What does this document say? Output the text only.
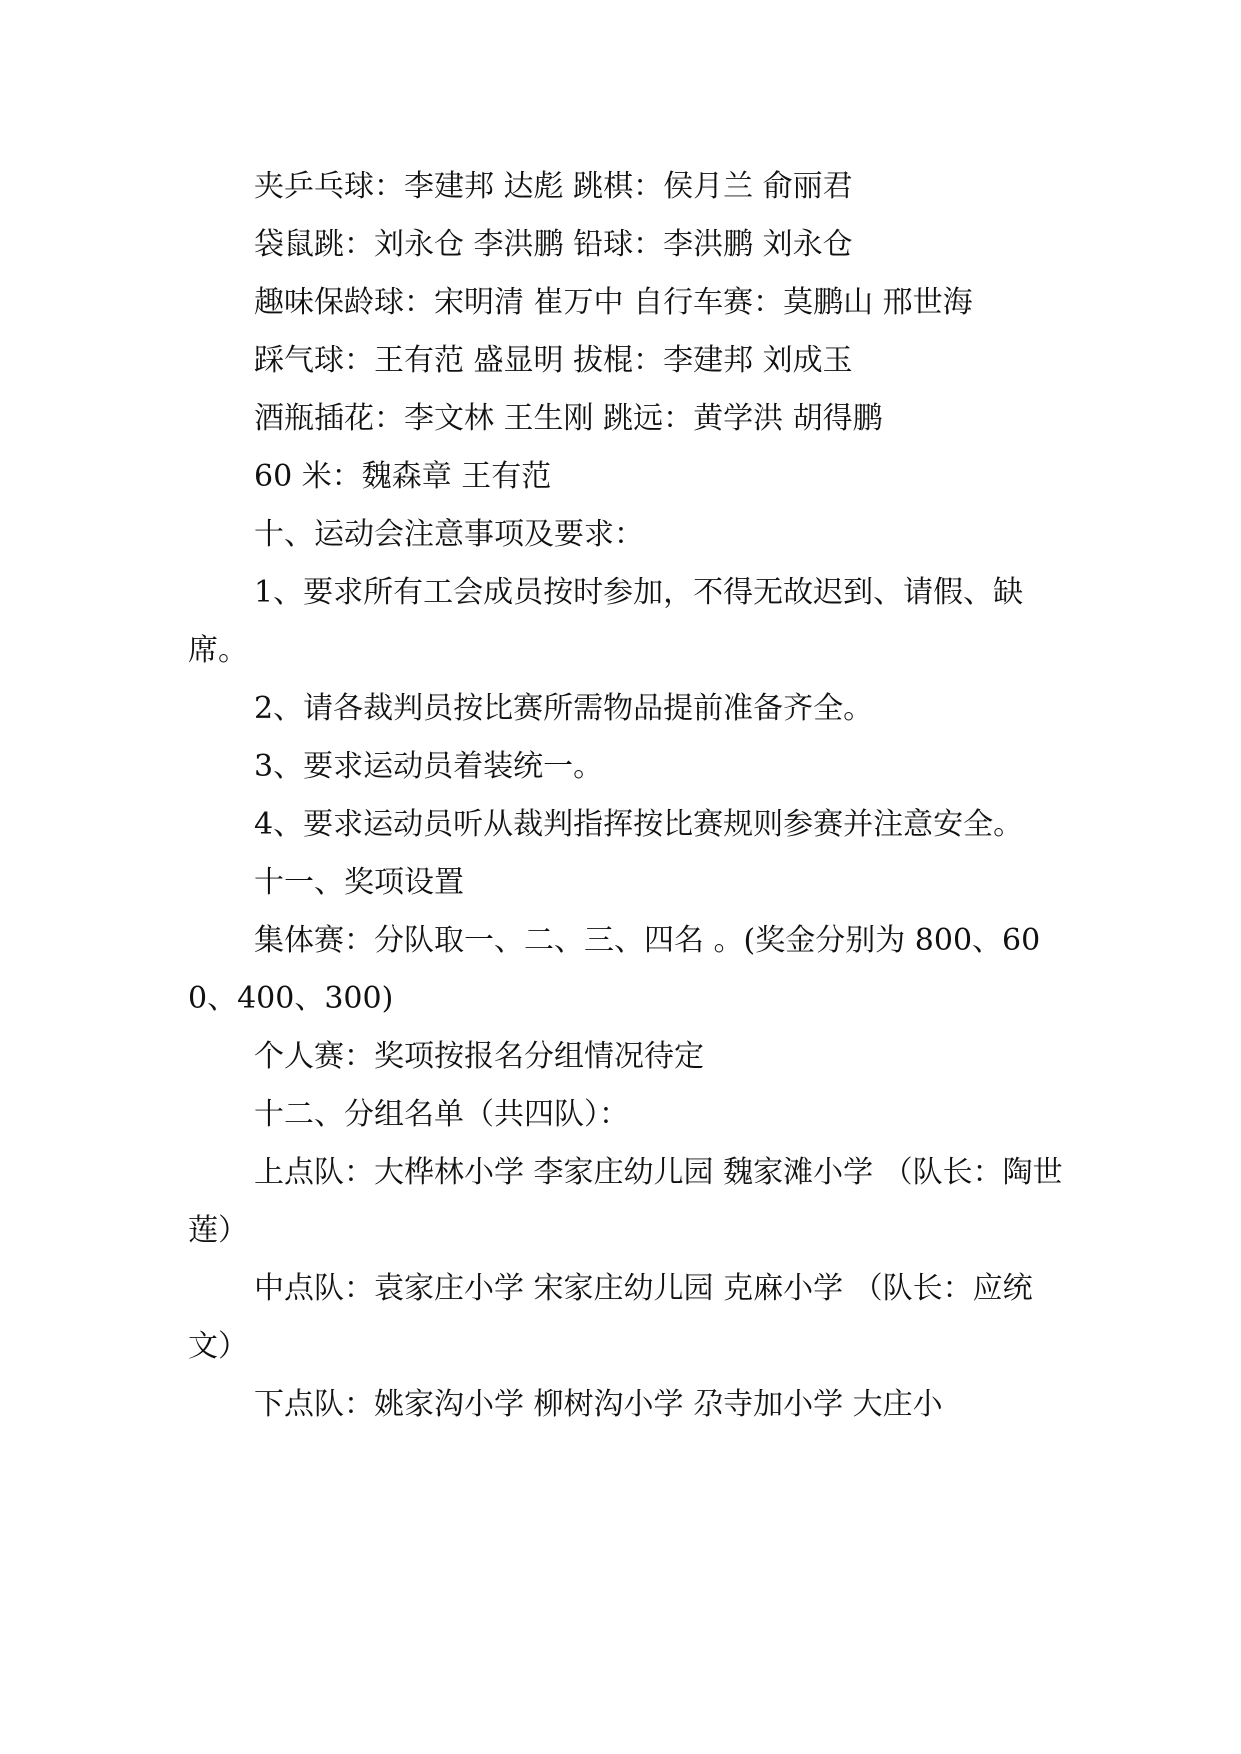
夹乒乓球：李建邦 达彪 跳棋：侯月兰 俞丽君

袋鼠跳：刘永仓 李洪鹏 铅球：李洪鹏 刘永仓

趣味保龄球：宋明清 崔万中 自行车赛：莫鹏山 邢世海

踩气球：王有范 盛显明 拔棍：李建邦 刘成玉

酒瓶插花：李文林 王生刚 跳远：黄学洪 胡得鹏

60 米：魏森章 王有范

十、运动会注意事项及要求：

1、要求所有工会成员按时参加，不得无故迟到、请假、缺席。

2、请各裁判员按比赛所需物品提前准备齐全。

3、要求运动员着装统一。

4、要求运动员听从裁判指挥按比赛规则参赛并注意安全。

十一、奖项设置

集体赛：分队取一、二、三、四名 。(奖金分别为 800、600、400、300)

个人赛：奖项按报名分组情况待定

十二、分组名单（共四队）：

上点队：大桦林小学 李家庄幼儿园 魏家滩小学 （队长：陶世莲）

中点队：袁家庄小学 宋家庄幼儿园 克麻小学 （队长：应统文）

下点队：姚家沟小学 柳树沟小学 尕寺加小学 大庄小
